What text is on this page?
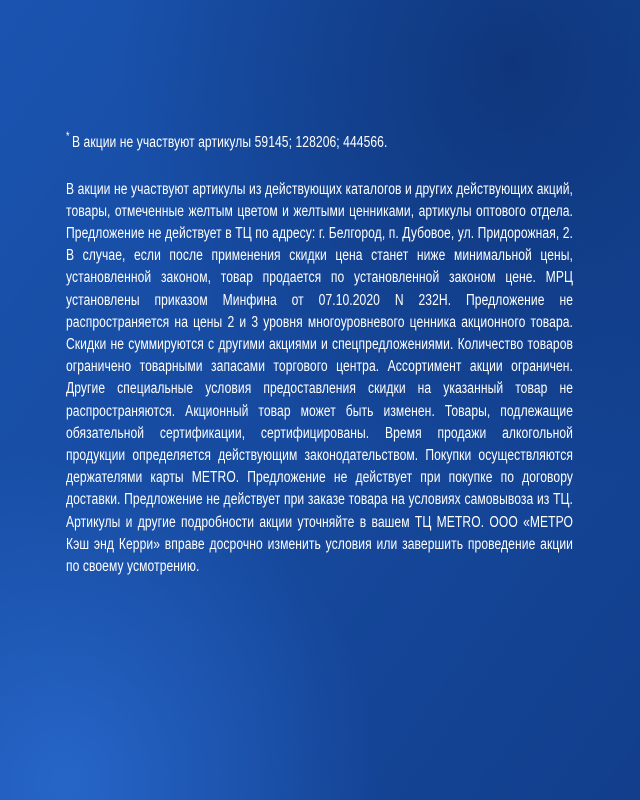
* В акции не участвуют артикулы 59145; 128206; 444566.

В акции не участвуют артикулы из действующих каталогов и других действующих акций, товары, отмеченные желтым цветом и желтыми ценниками, артикулы оптового отдела. Предложение не действует в ТЦ по адресу: г. Белгород, п. Дубовое, ул. Придорожная, 2. В случае, если после применения скидки цена станет ниже минимальной цены, установленной законом, товар продается по установленной законом цене. МРЦ установлены приказом Минфина от 07.10.2020 N 232Н. Предложение не распространяется на цены 2 и 3 уровня многоуровневого ценника акционного товара. Скидки не суммируются с другими акциями и спецпредложениями. Количество товаров ограничено товарными запасами торгового центра. Ассортимент акции ограничен. Другие специальные условия предоставления скидки на указанный товар не распространяются. Акционный товар может быть изменен. Товары, подлежащие обязательной сертификации, сертифицированы. Время продажи алкогольной продукции определяется действующим законодательством. Покупки осуществляются держателями карты METRO. Предложение не действует при покупке по договору доставки. Предложение не действует при заказе товара на условиях самовывоза из ТЦ. Артикулы и другие подробности акции уточняйте в вашем ТЦ METRO. ООО «МЕТРО Кэш энд Керри» вправе досрочно изменить условия или завершить проведение акции по своему усмотрению.
